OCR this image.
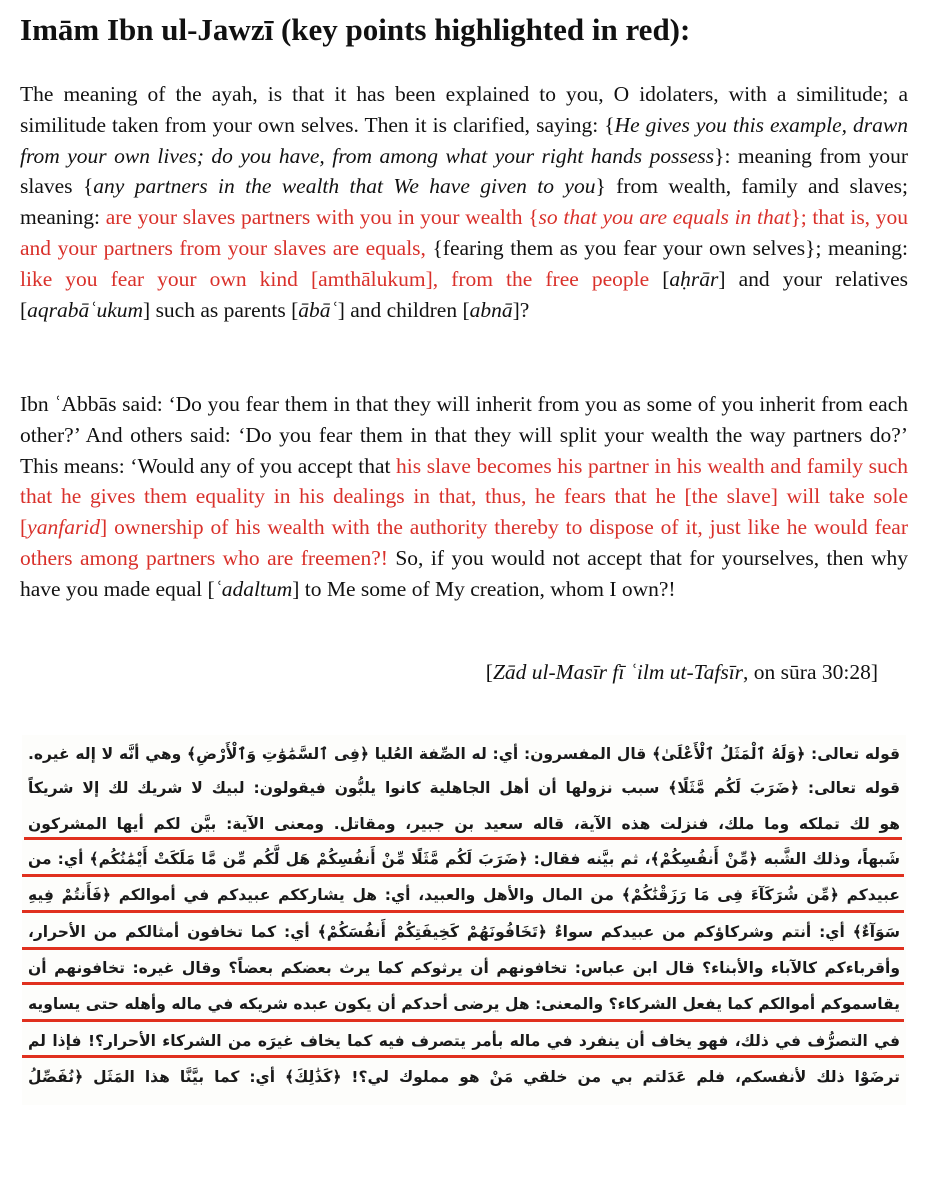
Imām Ibn ul-Jawzī (key points highlighted in red):

The meaning of the ayah, is that it has been explained to you, O idolaters, with a similitude; a similitude taken from your own selves. Then it is clarified, saying: {He gives you this example, drawn from your own lives; do you have, from among what your right hands possess}: meaning from your slaves {any partners in the wealth that We have given to you} from wealth, family and slaves; meaning: are your slaves partners with you in your wealth {so that you are equals in that}; that is, you and your partners from your slaves are equals, {fearing them as you fear your own selves}; meaning: like you fear your own kind [amthālukum], from the free people [aḥrār] and your relatives [aqrabāʿukum] such as parents [ābāʿ] and children [abnā]?

Ibn ʿAbbās said: ‘Do you fear them in that they will inherit from you as some of you inherit from each other?’ And others said: ‘Do you fear them in that they will split your wealth the way partners do?’ This means: ‘Would any of you accept that his slave becomes his partner in his wealth and family such that he gives them equality in his dealings in that, thus, he fears that he [the slave] will take sole [yanfarid] ownership of his wealth with the authority thereby to dispose of it, just like he would fear others among partners who are freemen?! So, if you would not accept that for yourselves, then why have you made equal [ʿadaltum] to Me some of My creation, whom I own?!

[Zād ul-Masīr fī ʿilm ut-Tafsīr, on sūra 30:28]

قوله تعالى: ﴿وَلَهُ ٱلْمَثَلُ ٱلْأَعْلَىٰ﴾ قال المفسرون: أي: له الصِّفة العُليا ﴿فِى ٱلسَّمَٰوَٰتِ وَٱلْأَرْضِ﴾ وهي أنَّه لا إله غيره.
قوله تعالى: ﴿ضَرَبَ لَكُم مَّثَلًا﴾ سبب نزولها أن أهل الجاهلية كانوا يلبُّون فيقولون: لبيك لا شريك لك إلا شريكاً
هو لك تملكه وما ملك، فنزلت هذه الآية، قاله سعيد بن جبير، ومقاتل. ومعنى الآية: بيَّن لكم أيها المشركون
شَبهاً، وذلك الشَّبه ﴿مِّنْ أَنفُسِكُمْ﴾، ثم بيَّنه فقال: ﴿ضَرَبَ لَكُم مَّثَلًا مِّنْ أَنفُسِكُمْ هَل لَّكُم مِّن مَّا مَلَكَتْ أَيْمَٰنُكُم﴾ أي: من
عبيدكم ﴿مِّن شُرَكَآءَ فِى مَا رَزَقْنَٰكُمْ﴾ من المال والأهل والعبيد، أي: هل يشارككم عبيدكم في أموالكم ﴿فَأَنتُمْ فِيهِ
سَوَآءٌ﴾ أي: أنتم وشركاؤكم من عبيدكم سواءٌ ﴿تَخَافُونَهُمْ كَخِيفَتِكُمْ أَنفُسَكُمْ﴾ أي: كما تخافون أمثالكم من الأحرار،
وأقرباءكم كالآباء والأبناء؟ قال ابن عباس: تخافونهم أن يرثوكم كما يرث بعضكم بعضاً؟ وقال غيره: تخافونهم أن
يقاسموكم أموالكم كما يفعل الشركاء؟ والمعنى: هل يرضى أحدكم أن يكون عبده شريكه في ماله وأهله حتى يساويه
في التصرُّف في ذلك، فهو يخاف أن ينفرد في ماله بأمر يتصرف فيه كما يخاف غيرَه من الشركاء الأحرار؟! فإذا لم
ترضَوْا ذلك لأنفسكم، فلم عَدَلتم بي من خلقي مَنْ هو مملوك لي؟! ﴿كَذَٰلِكَ﴾ أي: كما بيَّنَّا هذا المَثَل ﴿نُفَصِّلُ
